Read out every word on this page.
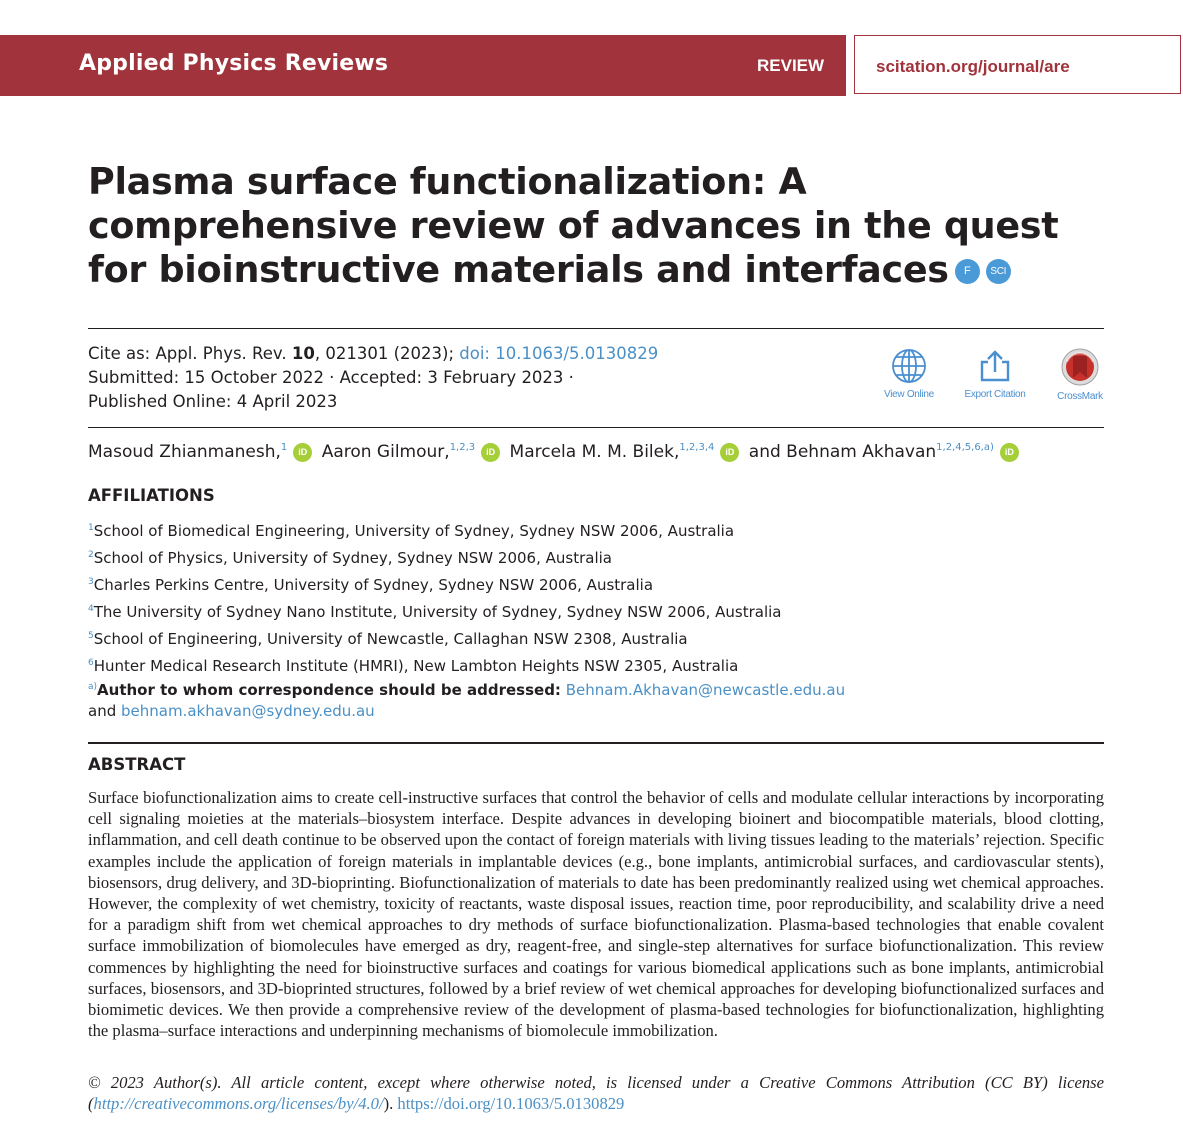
Applied Physics Reviews	REVIEW	scitation.org/journal/are
Plasma surface functionalization: A comprehensive review of advances in the quest for bioinstructive materials and interfaces F SCI
Cite as: Appl. Phys. Rev. 10, 021301 (2023); doi: 10.1063/5.0130829
Submitted: 15 October 2022 · Accepted: 3 February 2023 ·
Published Online: 4 April 2023	View Online	Export Citation	CrossMark
Masoud Zhianmanesh,$^1$ iD Aaron Gilmour,$^{1,2,3}$ iD Marcela M. M. Bilek,$^{1,2,3,4}$ iD and Behnam Akhavan$^{1,2,4,5,6,a)}$ iD
AFFILIATIONS
$^1$School of Biomedical Engineering, University of Sydney, Sydney NSW 2006, Australia
$^2$School of Physics, University of Sydney, Sydney NSW 2006, Australia
$^3$Charles Perkins Centre, University of Sydney, Sydney NSW 2006, Australia
$^4$The University of Sydney Nano Institute, University of Sydney, Sydney NSW 2006, Australia
$^5$School of Engineering, University of Newcastle, Callaghan NSW 2308, Australia
$^6$Hunter Medical Research Institute (HMRI), New Lambton Heights NSW 2305, Australia
$^{a)}$Author to whom correspondence should be addressed: Behnam.Akhavan@newcastle.edu.au
and behnam.akhavan@sydney.edu.au
ABSTRACT
Surface biofunctionalization aims to create cell-instructive surfaces that control the behavior of cells and modulate cellular interactions by incorporating cell signaling moieties at the materials–biosystem interface. Despite advances in developing bioinert and biocompatible materials, blood clotting, inflammation, and cell death continue to be observed upon the contact of foreign materials with living tissues leading to the materials’ rejection. Specific examples include the application of foreign materials in implantable devices (e.g., bone implants, antimicrobial surfaces, and cardiovascular stents), biosensors, drug delivery, and 3D-bioprinting. Biofunctionalization of materials to date has been predominantly realized using wet chemical approaches. However, the complexity of wet chemistry, toxicity of reactants, waste disposal issues, reaction time, poor reproducibility, and scalability drive a need for a paradigm shift from wet chemical approaches to dry methods of surface biofunctionalization. Plasma-based technologies that enable covalent surface immobilization of biomolecules have emerged as dry, reagent-free, and single-step alternatives for surface biofunctionalization. This review commences by highlighting the need for bioinstructive surfaces and coatings for various biomedical applications such as bone implants, antimicrobial surfaces, biosensors, and 3D-bioprinted structures, followed by a brief review of wet chemical approaches for developing biofunctionalized surfaces and biomimetic devices. We then provide a comprehensive review of the development of plasma-based technologies for biofunctionalization, highlighting the plasma–surface interactions and underpinning mechanisms of biomolecule immobilization.
© 2023 Author(s). All article content, except where otherwise noted, is licensed under a Creative Commons Attribution (CC BY) license (http://creativecommons.org/licenses/by/4.0/). https://doi.org/10.1063/5.0130829
